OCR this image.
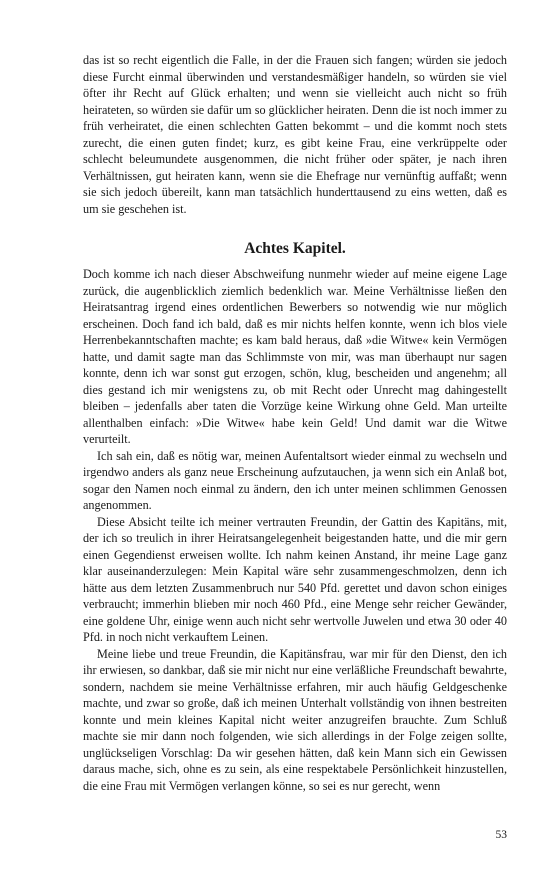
das ist so recht eigentlich die Falle, in der die Frauen sich fangen; würden sie jedoch diese Furcht einmal überwinden und verstandesmäßiger handeln, so würden sie viel öfter ihr Recht auf Glück erhalten; und wenn sie vielleicht auch nicht so früh heirateten, so würden sie dafür um so glücklicher heiraten. Denn die ist noch immer zu früh verheiratet, die einen schlechten Gatten bekommt – und die kommt noch stets zurecht, die einen guten findet; kurz, es gibt keine Frau, eine verkrüppelte oder schlecht beleumundete ausgenommen, die nicht früher oder später, je nach ihren Verhältnissen, gut heiraten kann, wenn sie die Ehefrage nur vernünftig auffaßt; wenn sie sich jedoch übereilt, kann man tatsächlich hunderttausend zu eins wetten, daß es um sie geschehen ist.

Achtes Kapitel.

Doch komme ich nach dieser Abschweifung nunmehr wieder auf meine eigene Lage zurück, die augenblicklich ziemlich bedenklich war. Meine Verhältnisse ließen den Heiratsantrag irgend eines ordentlichen Bewerbers so notwendig wie nur möglich erscheinen. Doch fand ich bald, daß es mir nichts helfen konnte, wenn ich blos viele Herrenbekanntschaften machte; es kam bald heraus, daß »die Witwe« kein Vermögen hatte, und damit sagte man das Schlimmste von mir, was man überhaupt nur sagen konnte, denn ich war sonst gut erzogen, schön, klug, bescheiden und angenehm; all dies gestand ich mir wenigstens zu, ob mit Recht oder Unrecht mag dahingestellt bleiben – jedenfalls aber taten die Vorzüge keine Wirkung ohne Geld. Man urteilte allenthalben einfach: »Die Witwe« habe kein Geld! Und damit war die Witwe verurteilt.

Ich sah ein, daß es nötig war, meinen Aufentaltsort wieder einmal zu wechseln und irgendwo anders als ganz neue Erscheinung aufzutauchen, ja wenn sich ein Anlaß bot, sogar den Namen noch einmal zu ändern, den ich unter meinen schlimmen Genossen angenommen.

Diese Absicht teilte ich meiner vertrauten Freundin, der Gattin des Kapitäns, mit, der ich so treulich in ihrer Heiratsangelegenheit beigestanden hatte, und die mir gern einen Gegendienst erweisen wollte. Ich nahm keinen Anstand, ihr meine Lage ganz klar auseinanderzulegen: Mein Kapital wäre sehr zusammengeschmolzen, denn ich hätte aus dem letzten Zusammenbruch nur 540 Pfd. gerettet und davon schon einiges verbraucht; immerhin blieben mir noch 460 Pfd., eine Menge sehr reicher Gewänder, eine goldene Uhr, einige wenn auch nicht sehr wertvolle Juwelen und etwa 30 oder 40 Pfd. in noch nicht verkauftem Leinen.

Meine liebe und treue Freundin, die Kapitänsfrau, war mir für den Dienst, den ich ihr erwiesen, so dankbar, daß sie mir nicht nur eine verläßliche Freundschaft bewahrte, sondern, nachdem sie meine Verhältnisse erfahren, mir auch häufig Geldgeschenke machte, und zwar so große, daß ich meinen Unterhalt vollständig von ihnen bestreiten konnte und mein kleines Kapital nicht weiter anzugreifen brauchte. Zum Schluß machte sie mir dann noch folgenden, wie sich allerdings in der Folge zeigen sollte, unglückseligen Vorschlag: Da wir gesehen hätten, daß kein Mann sich ein Gewissen daraus mache, sich, ohne es zu sein, als eine respektabele Persönlichkeit hinzustellen, die eine Frau mit Vermögen verlangen könne, so sei es nur gerecht, wenn

53
